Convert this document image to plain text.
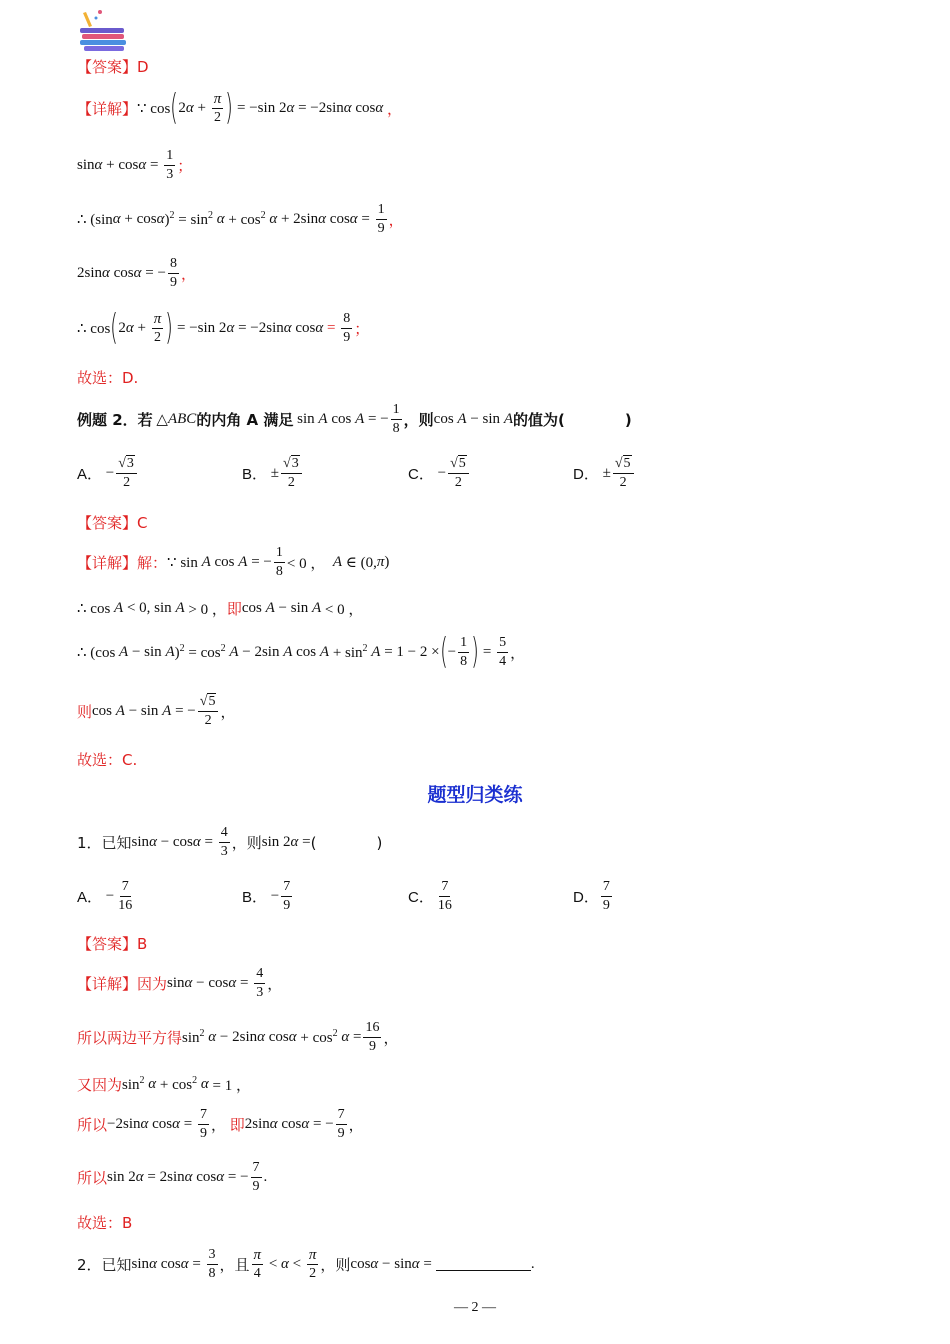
【答案】 D
【详解】 ∵ cos ( 2 $\alpha + \frac{\pi}{2}$ ) = −sin 2 α = −2sin α cos α ，
$\sin \alpha + \cos \alpha = \frac{1}{3}$ ；
∴ (sin α + cos α )$^2 = \sin^2 \alpha + \cos^2 \alpha + 2\sin$ α $\cos \alpha = \frac{1}{9}$ ，
2sin α cos α = − $\frac{8}{9}$ ，
∴ cos ( 2 $\alpha + \frac{\pi}{2}$ ) = −sin 2 α = −2sin α $\cos \alpha = \frac{8}{9}$ ；
故选：D.
例题 2．若 △ ABC 的内角 A 满足 sin A cos A = − $\frac{1}{8}$ ，则 cos A − sin A 的值为(　　　　)
A． − $\frac{√3}{2}$	B． ± $\frac{√3}{2}$	C． − $\frac{√5}{2}$	D． ± $\frac{√5}{2}$
【答案】 C
【详解】 解： ∵ sin A cos A = − $\frac{1}{8} < 0$ ， A ∈ (0, π )
∴ cos A < 0, sin A > 0 ， 即 cos A − sin A < 0 ，
∴ (cos A − sin A )$^2 = \cos^2 A - 2\sin$ A $\cos A + \sin^2 A = 1 - 2$ × ( − $\frac{1}{8}$ ) = $\frac{5}{4}$ ，
则 cos A − sin A = − $\frac{√5}{2}$ ，
故选：C.
题型归类练
1．已知 $\sin \alpha - \cos \alpha = \frac{4}{3}$ ，则 sin 2 α = (　　　　)
A． − $\frac{7}{16}$	B． − $\frac{7}{9}$	C． $\frac{7}{16}$	D． $\frac{7}{9}$
【答案】 B
【详解】 因为 $\sin \alpha - \cos \alpha = \frac{4}{3}$ ，
所以两边平方得 $\sin^2 \alpha - 2\sin$ α $\cos \alpha + \cos^2 \alpha = \frac{16}{9}$ ，
又因为 $\sin^2 \alpha + \cos^2 \alpha = 1$ ，
所以 −2sin α $\cos \alpha = \frac{7}{9}$ ， 即 2sin α cos α = − $\frac{7}{9}$ ，
所以 sin 2 α = 2sin α cos α = − $\frac{7}{9}$ .
故选：B
2．已知 sin α $\cos \alpha = \frac{3}{8}$ ，且 $\frac{\pi}{4} < \alpha < \frac{\pi}{2}$ ，则 cos α − sin α =	.
— 2 —
